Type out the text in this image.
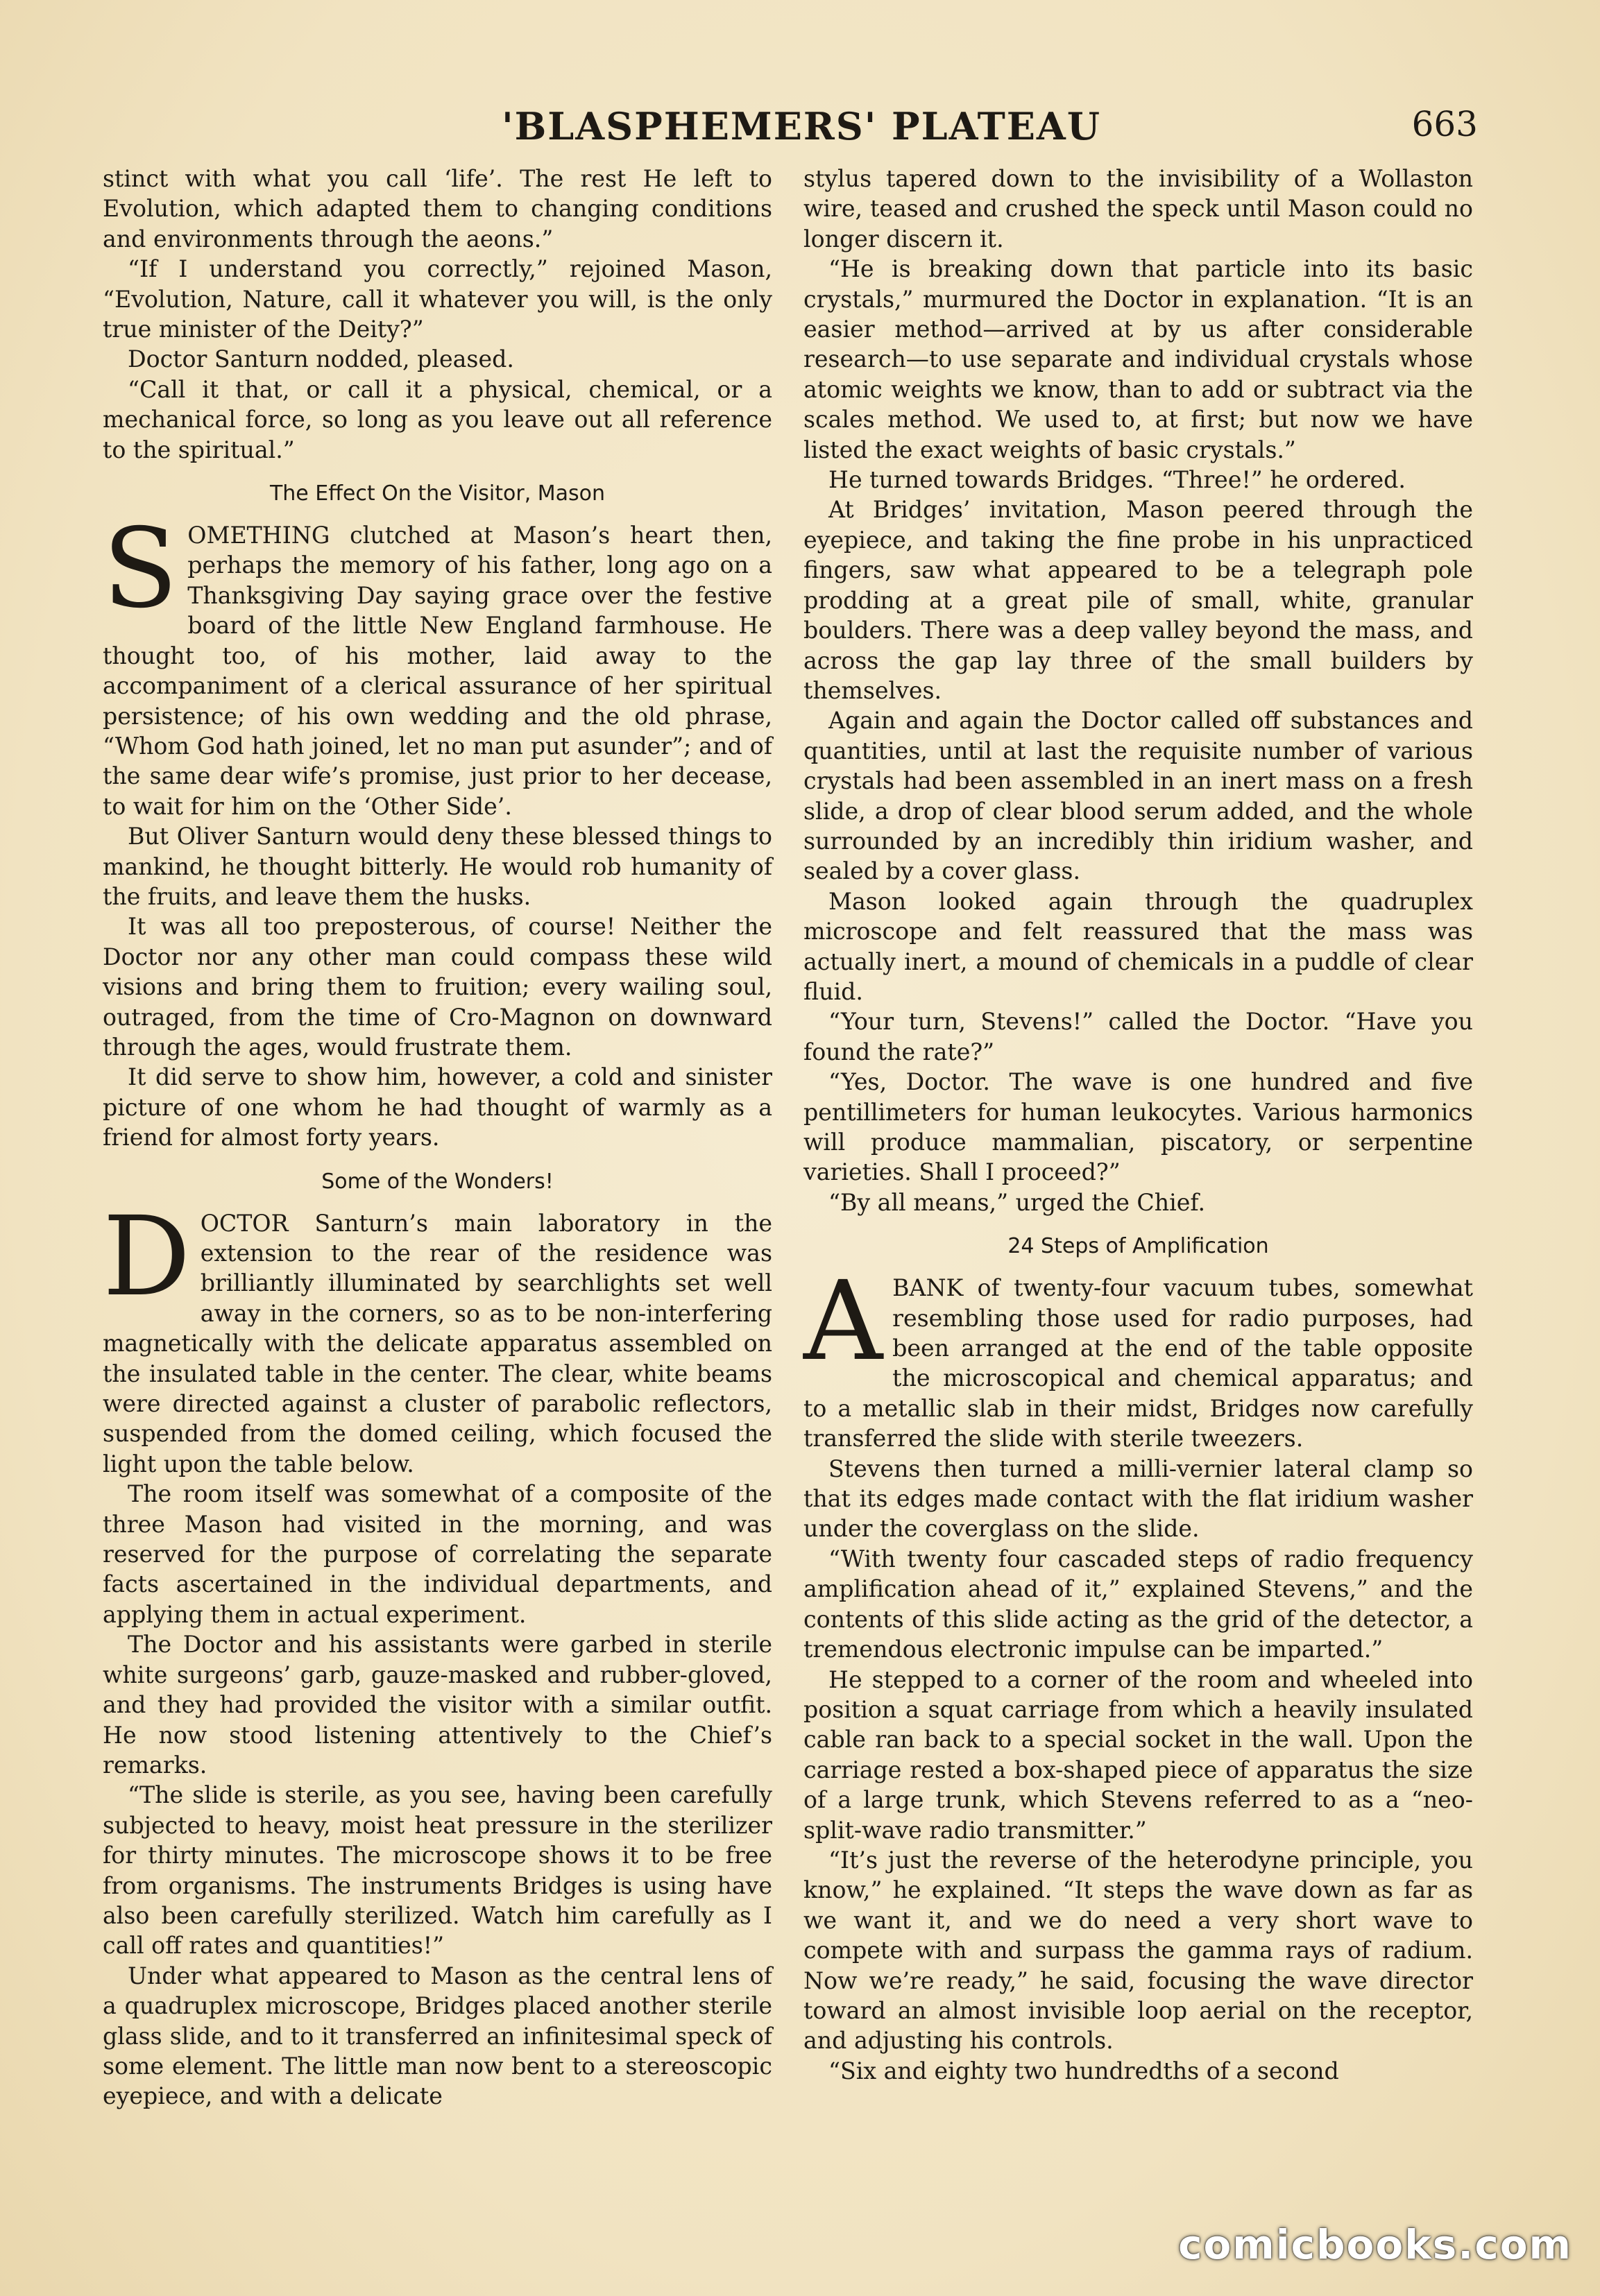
'BLASPHEMERS' PLATEAU	663

stinct with what you call ‘life’. The rest He left to Evolution, which adapted them to changing conditions and environments through the aeons.”

“If I understand you correctly,” rejoined Mason, “Evolution, Nature, call it whatever you will, is the only true minister of the Deity?”

Doctor Santurn nodded, pleased.

“Call it that, or call it a physical, chemical, or a mechanical force, so long as you leave out all reference to the spiritual.”

The Effect On the Visitor, Mason

SOMETHING clutched at Mason’s heart then, perhaps the memory of his father, long ago on a Thanksgiving Day saying grace over the festive board of the little New England farmhouse. He thought too, of his mother, laid away to the accompaniment of a clerical assurance of her spiritual persistence; of his own wedding and the old phrase, “Whom God hath joined, let no man put asunder”; and of the same dear wife’s promise, just prior to her decease, to wait for him on the ‘Other Side’.

But Oliver Santurn would deny these blessed things to mankind, he thought bitterly. He would rob humanity of the fruits, and leave them the husks.

It was all too preposterous, of course! Neither the Doctor nor any other man could compass these wild visions and bring them to fruition; every wailing soul, outraged, from the time of Cro-Magnon on downward through the ages, would frustrate them.

It did serve to show him, however, a cold and sinister picture of one whom he had thought of warmly as a friend for almost forty years.

Some of the Wonders!

DOCTOR Santurn’s main laboratory in the extension to the rear of the residence was brilliantly illuminated by searchlights set well away in the corners, so as to be non-interfering magnetically with the delicate apparatus assembled on the insulated table in the center. The clear, white beams were directed against a cluster of parabolic reflectors, suspended from the domed ceiling, which focused the light upon the table below.

The room itself was somewhat of a composite of the three Mason had visited in the morning, and was reserved for the purpose of correlating the separate facts ascertained in the individual departments, and applying them in actual experiment.

The Doctor and his assistants were garbed in sterile white surgeons’ garb, gauze-masked and rubber-gloved, and they had provided the visitor with a similar outfit. He now stood listening attentively to the Chief’s remarks.

“The slide is sterile, as you see, having been carefully subjected to heavy, moist heat pressure in the sterilizer for thirty minutes. The microscope shows it to be free from organisms. The instruments Bridges is using have also been carefully sterilized. Watch him carefully as I call off rates and quantities!”

Under what appeared to Mason as the central lens of a quadruplex microscope, Bridges placed another sterile glass slide, and to it transferred an infinitesimal speck of some element. The little man now bent to a stereoscopic eyepiece, and with a delicate

stylus tapered down to the invisibility of a Wollaston wire, teased and crushed the speck until Mason could no longer discern it.

“He is breaking down that particle into its basic crystals,” murmured the Doctor in explanation. “It is an easier method—arrived at by us after considerable research—to use separate and individual crystals whose atomic weights we know, than to add or subtract via the scales method. We used to, at first; but now we have listed the exact weights of basic crystals.”

He turned towards Bridges. “Three!” he ordered.

At Bridges’ invitation, Mason peered through the eyepiece, and taking the fine probe in his unpracticed fingers, saw what appeared to be a telegraph pole prodding at a great pile of small, white, granular boulders. There was a deep valley beyond the mass, and across the gap lay three of the small builders by themselves.

Again and again the Doctor called off substances and quantities, until at last the requisite number of various crystals had been assembled in an inert mass on a fresh slide, a drop of clear blood serum added, and the whole surrounded by an incredibly thin iridium washer, and sealed by a cover glass.

Mason looked again through the quadruplex microscope and felt reassured that the mass was actually inert, a mound of chemicals in a puddle of clear fluid.

“Your turn, Stevens!” called the Doctor. “Have you found the rate?”

“Yes, Doctor. The wave is one hundred and five pentillimeters for human leukocytes. Various harmonics will produce mammalian, piscatory, or serpentine varieties. Shall I proceed?”

“By all means,” urged the Chief.

24 Steps of Amplification

ABANK of twenty-four vacuum tubes, somewhat resembling those used for radio purposes, had been arranged at the end of the table opposite the microscopical and chemical apparatus; and to a metallic slab in their midst, Bridges now carefully transferred the slide with sterile tweezers.

Stevens then turned a milli-vernier lateral clamp so that its edges made contact with the flat iridium washer under the coverglass on the slide.

“With twenty four cascaded steps of radio frequency amplification ahead of it,” explained Stevens,” and the contents of this slide acting as the grid of the detector, a tremendous electronic impulse can be imparted.”

He stepped to a corner of the room and wheeled into position a squat carriage from which a heavily insulated cable ran back to a special socket in the wall. Upon the carriage rested a box-shaped piece of apparatus the size of a large trunk, which Stevens referred to as a “neo-split-wave radio transmitter.”

“It’s just the reverse of the heterodyne principle, you know,” he explained. “It steps the wave down as far as we want it, and we do need a very short wave to compete with and surpass the gamma rays of radium. Now we’re ready,” he said, focusing the wave director toward an almost invisible loop aerial on the receptor, and adjusting his controls.

“Six and eighty two hundredths of a second

comicbooks.com
